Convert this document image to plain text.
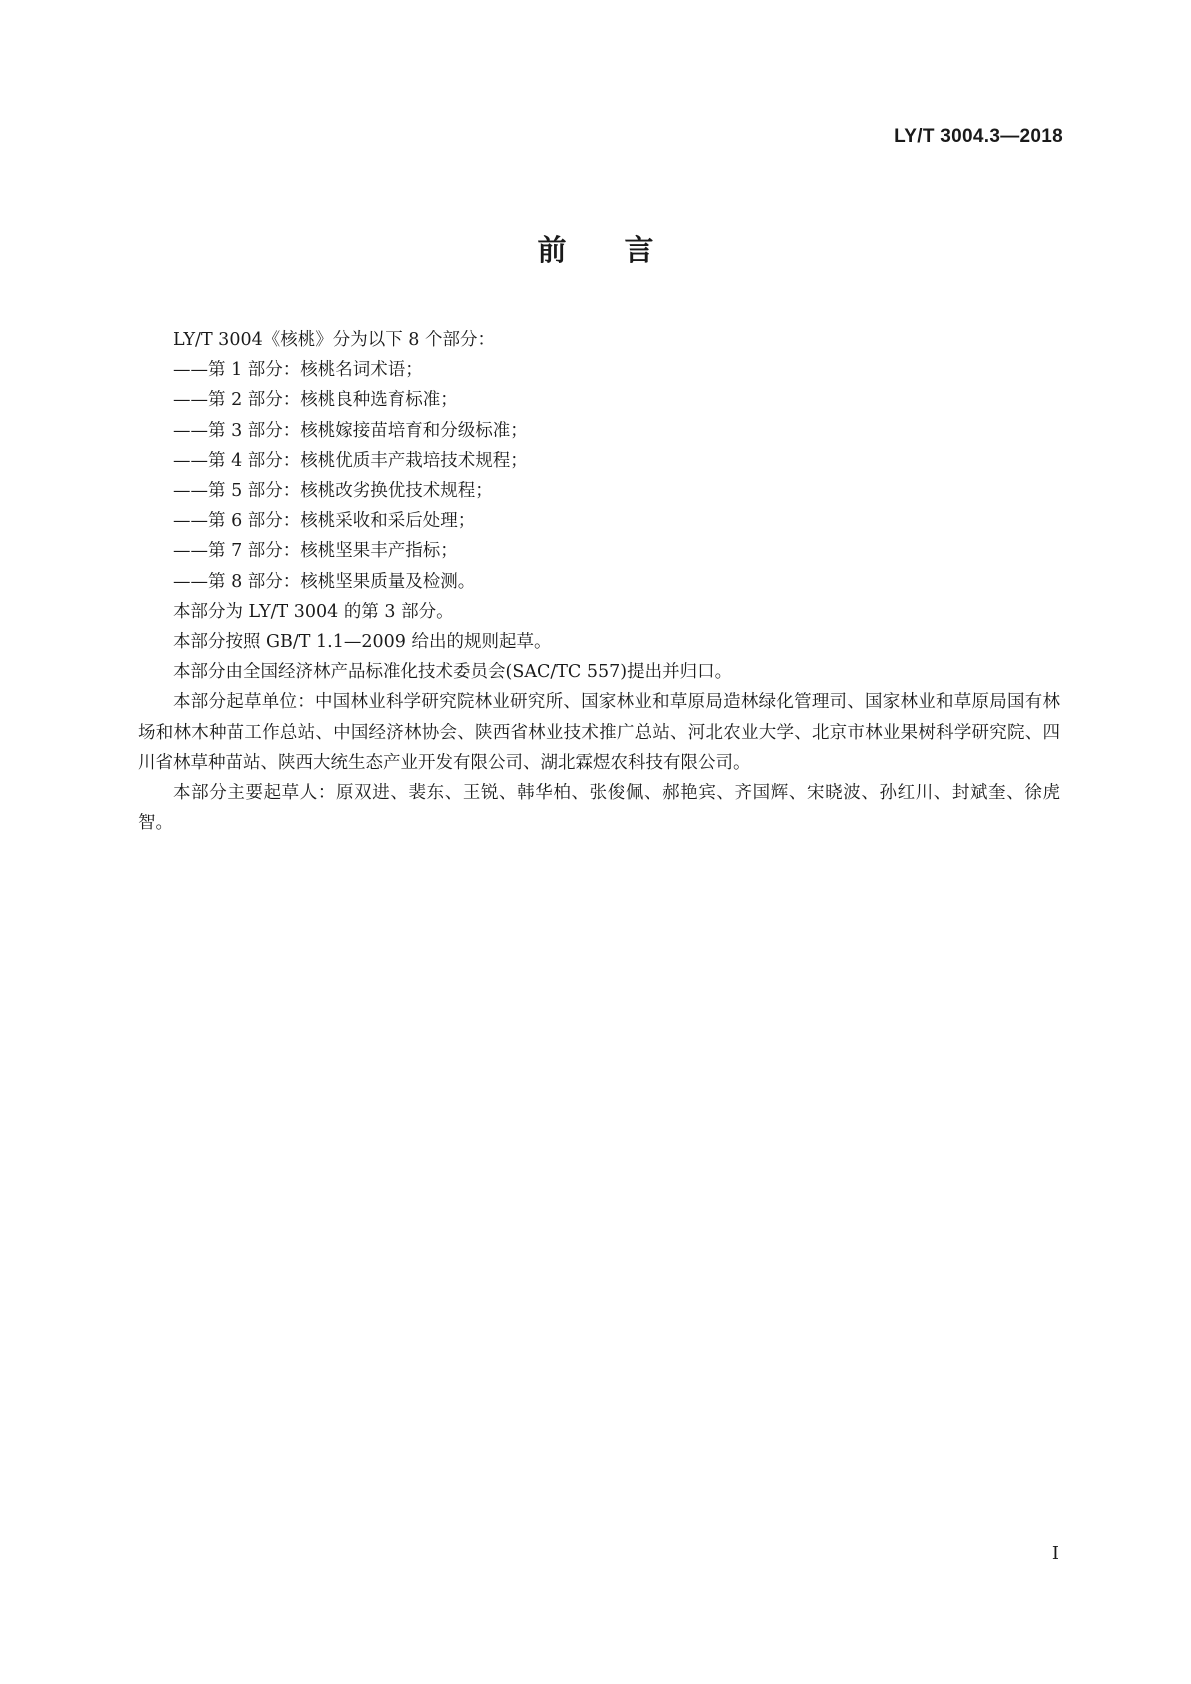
LY/T 3004.3—2018
前言

LY/T 3004《核桃》分为以下 8 个部分：

——第 1 部分：核桃名词术语；

——第 2 部分：核桃良种选育标准；

——第 3 部分：核桃嫁接苗培育和分级标准；

——第 4 部分：核桃优质丰产栽培技术规程；

——第 5 部分：核桃改劣换优技术规程；

——第 6 部分：核桃采收和采后处理；

——第 7 部分：核桃坚果丰产指标；

——第 8 部分：核桃坚果质量及检测。

本部分为 LY/T 3004 的第 3 部分。

本部分按照 GB/T 1.1—2009 给出的规则起草。

本部分由全国经济林产品标准化技术委员会(SAC/TC 557)提出并归口。

本部分起草单位：中国林业科学研究院林业研究所、国家林业和草原局造林绿化管理司、国家林业和草原局国有林场和林木种苗工作总站、中国经济林协会、陕西省林业技术推广总站、河北农业大学、北京市林业果树科学研究院、四川省林草种苗站、陕西大统生态产业开发有限公司、湖北霖煜农科技有限公司。

本部分主要起草人：原双进、裴东、王锐、韩华柏、张俊佩、郝艳宾、齐国辉、宋晓波、孙红川、封斌奎、徐虎智。

I
